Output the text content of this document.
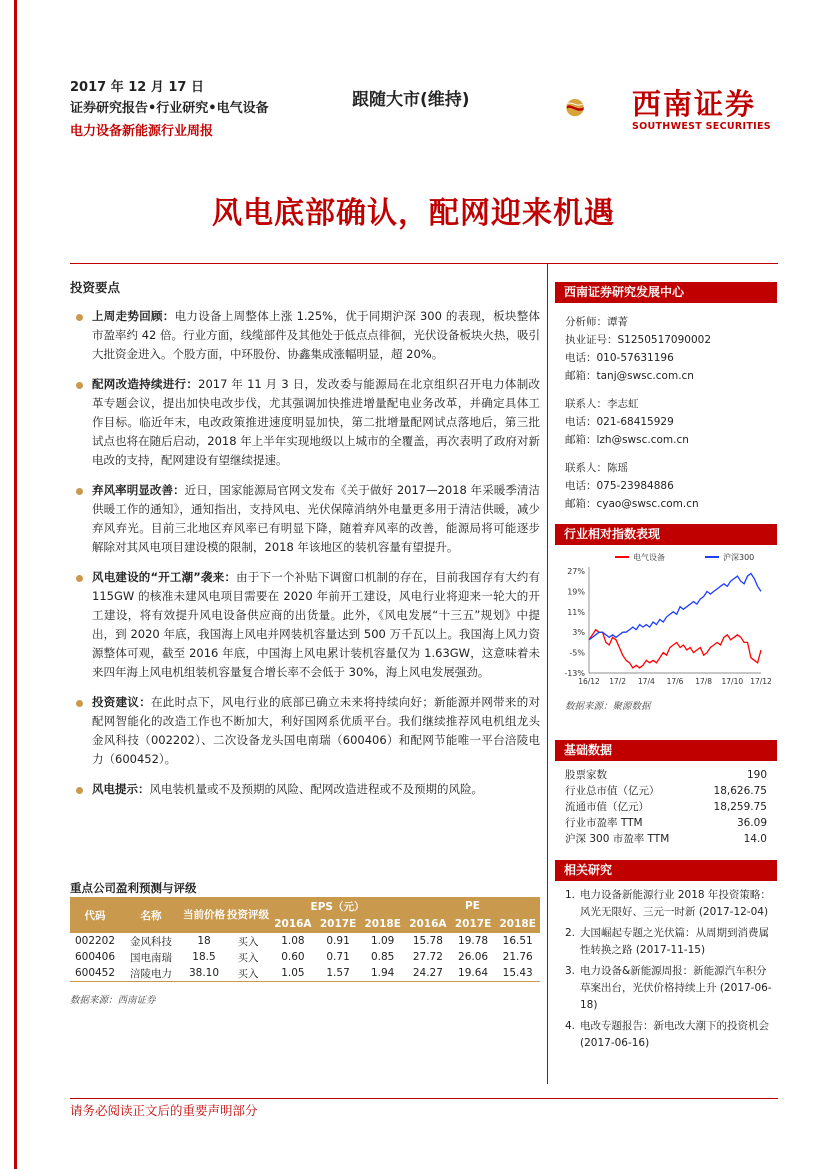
2017 年 12 月 17 日
证券研究报告•行业研究•电气设备
电力设备新能源行业周报
跟随大市(维持)	西南证券
SOUTHWEST SECURITIES
风电底部确认，配网迎来机遇
投资要点
上周走势回顾：电力设备上周整体上涨 1.25%，优于同期沪深 300 的表现，板块整体市盈率约 42 倍。行业方面，线缆部件及其他处于低点点徘徊，光伏设备板块火热，吸引大批资金进入。个股方面，中环股份、协鑫集成涨幅明显，超 20%。
配网改造持续进行：2017 年 11 月 3 日，发改委与能源局在北京组织召开电力体制改革专题会议，提出加快电改步伐，尤其强调加快推进增量配电业务改革，并确定具体工作目标。临近年末，电改政策推进速度明显加快，第二批增量配网试点落地后，第三批试点也将在随后启动，2018 年上半年实现地级以上城市的全覆盖，再次表明了政府对新电改的支持，配网建设有望继续提速。
弃风率明显改善：近日，国家能源局官网文发布《关于做好 2017—2018 年采暖季清洁供暖工作的通知》，通知指出，支持风电、光伏保障消纳外电量更多用于清洁供暖，减少弃风弃光。目前三北地区弃风率已有明显下降，随着弃风率的改善，能源局将可能逐步解除对其风电项目建设模的限制，2018 年该地区的装机容量有望提升。
风电建设的“开工潮”袭来：由于下一个补贴下调窗口机制的存在，目前我国存有大约有 115GW 的核准未建风电项目需要在 2020 年前开工建设，风电行业将迎来一轮大的开工建设，将有效提升风电设备供应商的出货量。此外，《风电发展“十三五”规划》中提出，到 2020 年底，我国海上风电并网装机容量达到 500 万千瓦以上。我国海上风力资源整体可观，截至 2016 年底，中国海上风电累计装机容量仅为 1.63GW，这意味着未来四年海上风电机组装机容量复合增长率不会低于 30%，海上风电发展强劲。
投资建议：在此时点下，风电行业的底部已确立未来将持续向好；新能源并网带来的对配网智能化的改造工作也不断加大，利好国网系优质平台。我们继续推荐风电机组龙头金风科技（002202）、二次设备龙头国电南瑞（600406）和配网节能唯一平台涪陵电力（600452）。
风电提示：风电装机量或不及预期的风险、配网改造进程或不及预期的风险。
重点公司盈利预测与评级
代码	名称	当前价格	投资评级	EPS（元）			PE		
				2016A	2017E	2018E	2016A	2017E	2018E
002202	金风科技	18	买入	1.08	0.91	1.09	15.78	19.78	16.51
600406	国电南瑞	18.5	买入	0.60	0.71	0.85	27.72	26.06	21.76
600452	涪陵电力	38.10	买入	1.05	1.57	1.94	24.27	19.64	15.43
数据来源：西南证券
西南证券研究发展中心
分析师：谭菁
执业证号：S1250517090002
电话：010-57631196
邮箱：tanj@swsc.com.cn
联系人：李志虹
电话：021-68415929
邮箱：lzh@swsc.com.cn
联系人：陈瑶
电话：075-23984886
邮箱：cyao@swsc.com.cn
行业相对指数表现
电气设备	沪深300
27%
19%
11%
3%
-5%
-13%
16/12 17/2 17/4 17/6 17/8 17/10 17/12
数据来源：聚源数据
基础数据
股票家数	190
行业总市值（亿元）	18,626.75
流通市值（亿元）	18,259.75
行业市盈率 TTM	36.09
沪深 300 市盈率 TTM	14.0
相关研究
1. 电力设备新能源行业 2018 年投资策略：风光无限好、三元一时新 (2017-12-04)
2. 大国崛起专题之光伏篇：从周期到消费属性转换之路 (2017-11-15)
3. 电力设备&新能源周报：新能源汽车积分草案出台，光伏价格持续上升 (2017-06-18)
4. 电改专题报告：新电改大潮下的投资机会 (2017-06-16)
请务必阅读正文后的重要声明部分
